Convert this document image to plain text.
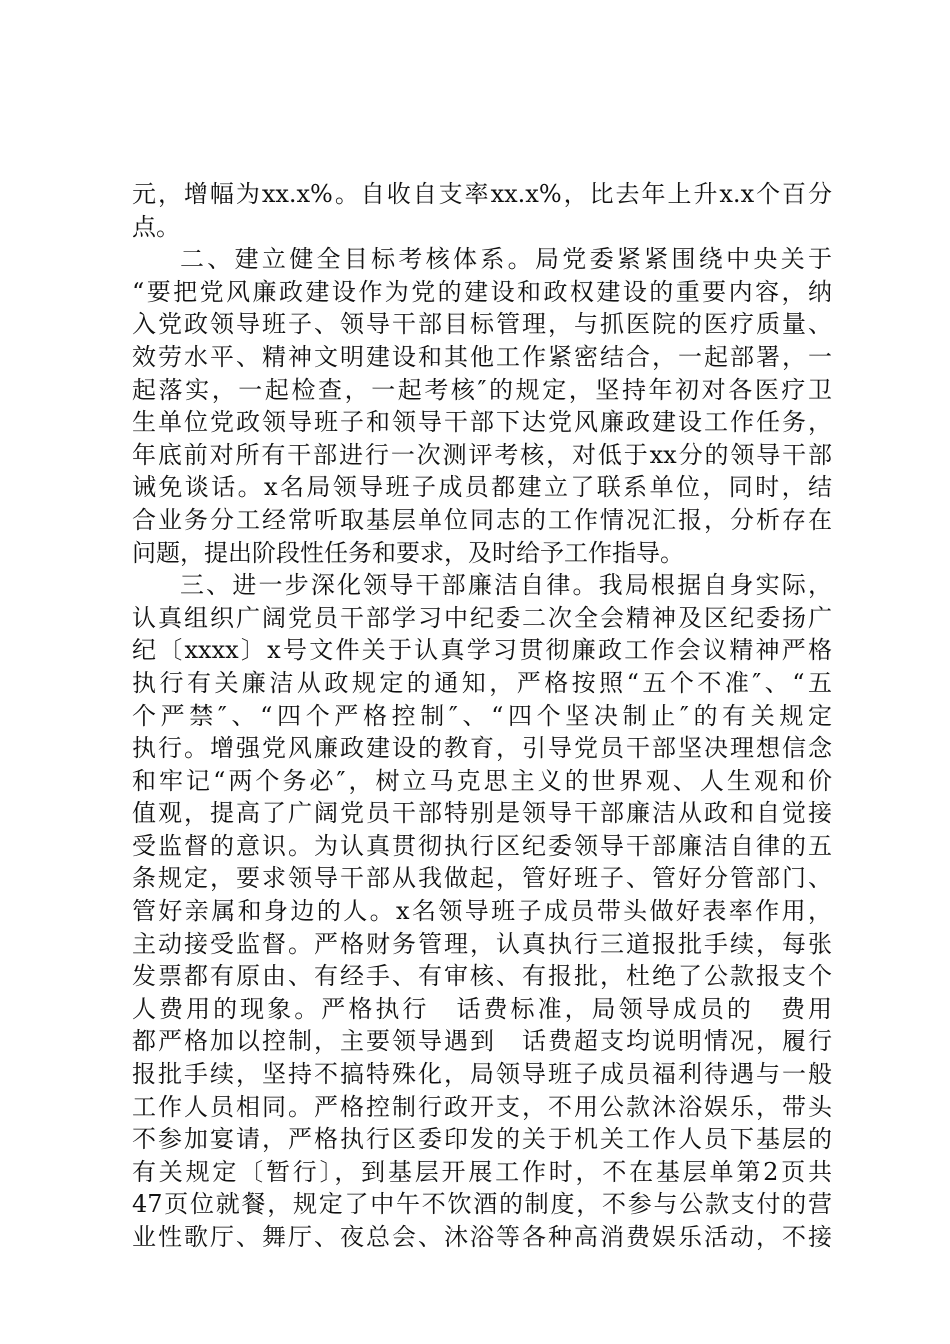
元，增幅为xx.x%。自收自支率xx.x%，比去年上升x.x个百分
点。
二、建立健全目标考核体系。局党委紧紧围绕中央关于
“要把党风廉政建设作为党的建设和政权建设的重要内容，纳
入党政领导班子、领导干部目标管理，与抓医院的医疗质量、
效劳水平、精神文明建设和其他工作紧密结合，一起部署，一
起落实，一起检查，一起考核″的规定，坚持年初对各医疗卫
生单位党政领导班子和领导干部下达党风廉政建设工作任务，
年底前对所有干部进行一次测评考核，对低于xx分的领导干部
诫免谈话。x名局领导班子成员都建立了联系单位，同时，结
合业务分工经常听取基层单位同志的工作情况汇报，分析存在
问题，提出阶段性任务和要求，及时给予工作指导。
三、进一步深化领导干部廉洁自律。我局根据自身实际，
认真组织广阔党员干部学习中纪委二次全会精神及区纪委扬广
纪〔xxxx〕x号文件关于认真学习贯彻廉政工作会议精神严格
执行有关廉洁从政规定的通知，严格按照“五个不准″、“五
个严禁″、“四个严格控制″、“四个坚决制止″的有关规定
执行。增强党风廉政建设的教育，引导党员干部坚决理想信念
和牢记“两个务必″，树立马克思主义的世界观、人生观和价
值观，提高了广阔党员干部特别是领导干部廉洁从政和自觉接
受监督的意识。为认真贯彻执行区纪委领导干部廉洁自律的五
条规定，要求领导干部从我做起，管好班子、管好分管部门、
管好亲属和身边的人。x名领导班子成员带头做好表率作用，
主动接受监督。严格财务管理，认真执行三道报批手续，每张
发票都有原由、有经手、有审核、有报批，杜绝了公款报支个
人费用的现象。严格执行　话费标准，局领导成员的　费用
都严格加以控制，主要领导遇到　话费超支均说明情况，履行
报批手续，坚持不搞特殊化，局领导班子成员福利待遇与一般
工作人员相同。严格控制行政开支，不用公款沐浴娱乐，带头
不参加宴请，严格执行区委印发的关于机关工作人员下基层的
有关规定〔暂行〕，到基层开展工作时，不在基层单第2页共
47页位就餐，规定了中午不饮酒的制度，不参与公款支付的营
业性歌厅、舞厅、夜总会、沐浴等各种高消费娱乐活动，不接
